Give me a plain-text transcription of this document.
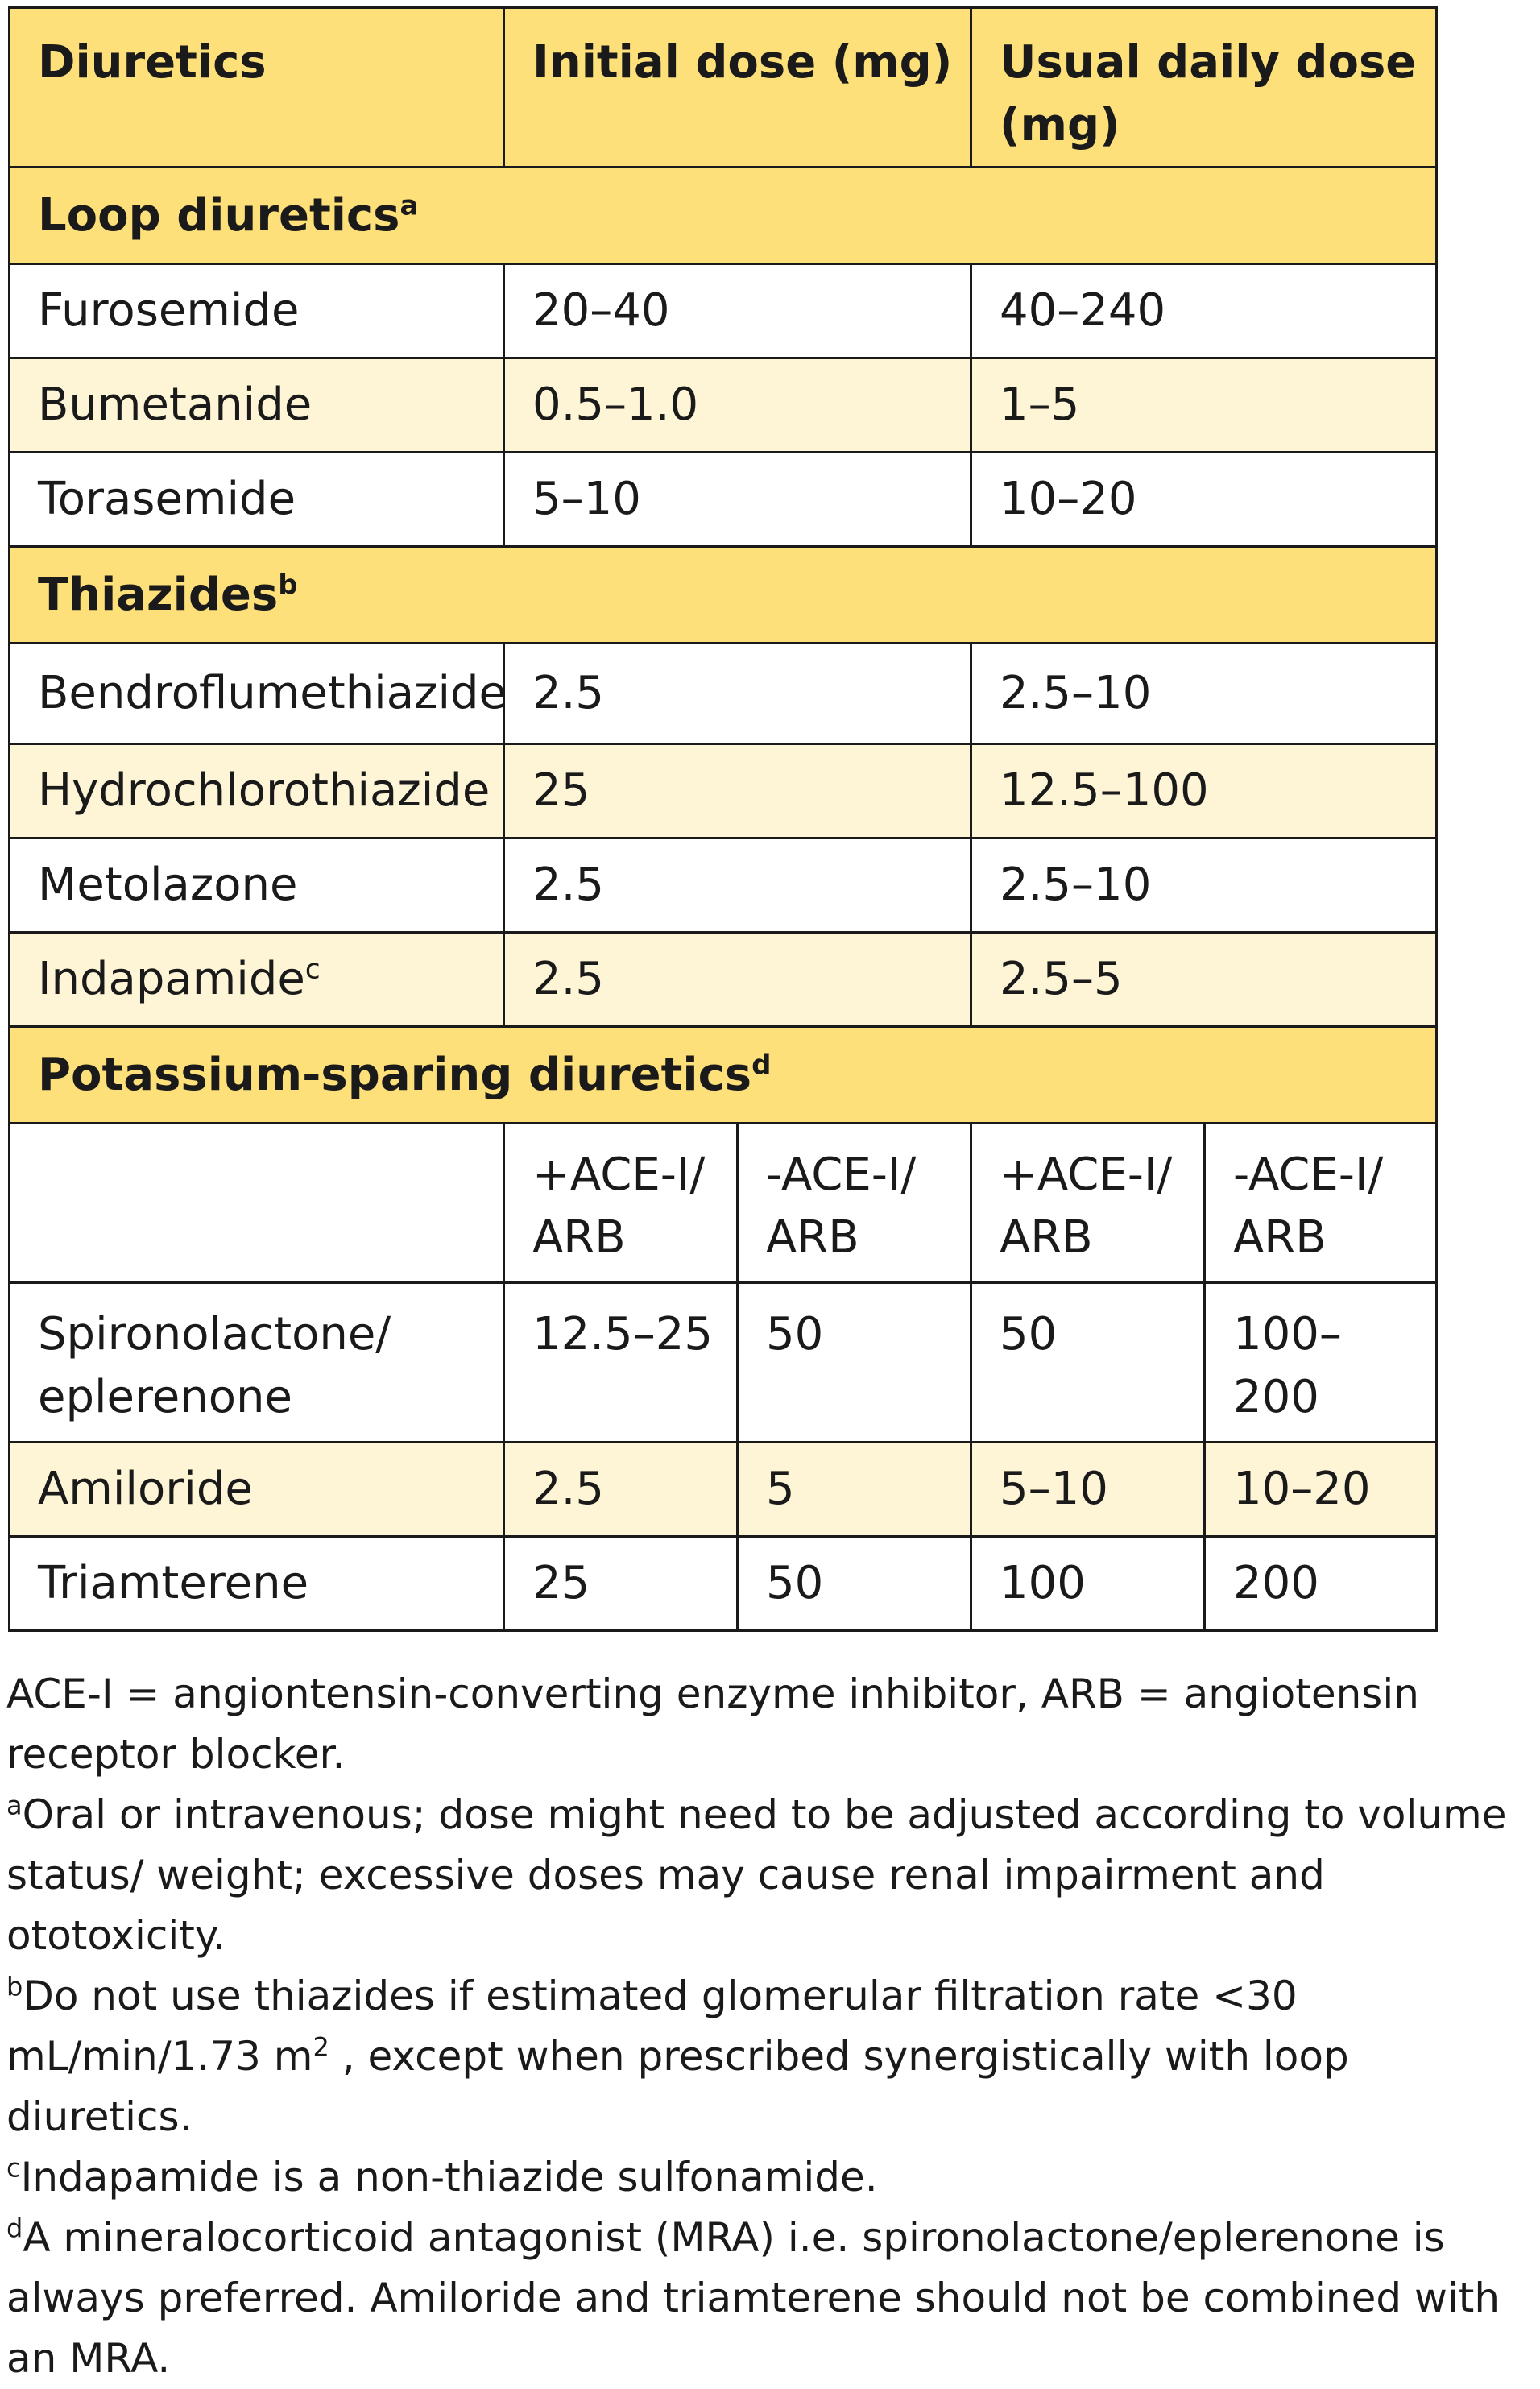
Diuretics	Initial dose (mg)		Usual daily dose (mg)	
Loop diuretics$^a$
Furosemide	20–40		40–240	
Bumetanide	0.5–1.0		1–5	
Torasemide	5–10		10–20	
Thiazides$^b$
Bendroflumethiazide	2.5		2.5–10	
Hydrochlorothiazide	25		12.5–100	
Metolazone	2.5		2.5–10	
Indapamide$^c$	2.5		2.5–5	
Potassium-sparing diuretics$^d$
	+ACE-I/ ARB	-ACE-I/ ARB	+ACE-I/ ARB	-ACE-I/ ARB
Spironolactone/ eplerenone	12.5–25	50	50	100– 200
Amiloride	2.5	5	5–10	10–20
Triamterene	25	50	100	200

ACE-I = angiontensin-converting enzyme inhibitor, ARB = angiotensin receptor blocker.

$^a$Oral or intravenous; dose might need to be adjusted according to volume status/ weight; excessive doses may cause renal impairment and ototoxicity.

$^b$Do not use thiazides if estimated glomerular filtration rate <30 mL/min/1.73 $m^2$ , except when prescribed synergistically with loop diuretics.

$^c$Indapamide is a non-thiazide sulfonamide.

$^d$A mineralocorticoid antagonist (MRA) i.e. spironolactone/eplerenone is always preferred. Amiloride and triamterene should not be combined with an MRA.
